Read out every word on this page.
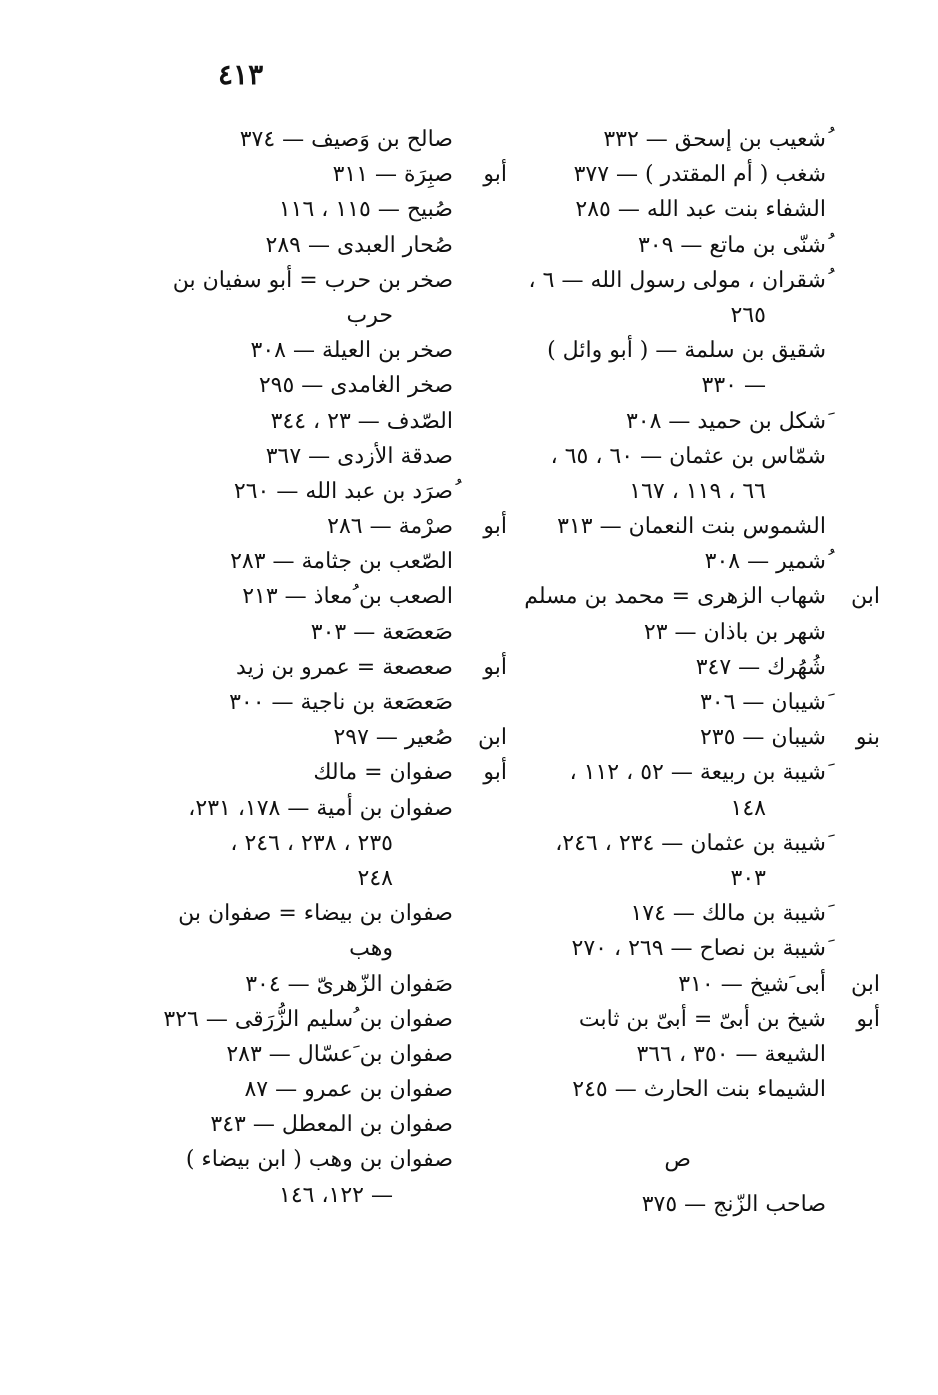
٤١٣
ُشعيب بن إسحق — ٣٣٢
شغب ( أم المقتدر ) — ٣٧٧
الشفاء بنت عبد الله — ٢٨٥
ُشنّى بن ماتع — ٣٠٩
ُشقران ، مولى رسول الله — ٦ ،
٢٦٥
شقيق بن سلمة — ( أبو وائل )
— ٣٣٠
َشكل بن حميد — ٣٠٨
شمّاس بن عثمان — ٦٠ ، ٦٥ ،
٦٦ ، ١١٩ ، ١٦٧
الشموس بنت النعمان — ٣١٣
ُشمير — ٣٠٨
ابن
شهاب الزهرى = محمد بن مسلم
شهر بن باذان — ٢٣
شُهُرك — ٣٤٧
َشيبان — ٣٠٦
بنو
شيبان — ٢٣٥
َشيبة بن ربيعة — ٥٢ ، ١١٢ ،
١٤٨
َشيبة بن عثمان — ٢٣٤ ، ٢٤٦،
٣٠٣
َشيبة بن مالك — ١٧٤
َشيبة بن نصاح — ٢٦٩ ، ٢٧٠
ابن
أبى َشيخ — ٣١٠
أبو
شيخ بن أبىّ = أبىّ بن ثابت
الشيعة — ٣٥٠ ، ٣٦٦
الشيماء بنت الحارث — ٢٤٥
ص
صاحب الزّنج — ٣٧٥
صالح بن وَصيف — ٣٧٤
أبو
صبِرَة — ٣١١
صُبيح — ١١٥ ، ١١٦
صُحار العبدى — ٢٨٩
صخر بن حرب = أبو سفيان بن
حرب
صخر بن العيلة — ٣٠٨
صخر الغامدى — ٢٩٥
الصّدف — ٢٣ ، ٣٤٤
صدقة الأزدى — ٣٦٧
ُصرَد بن عبد الله — ٢٦٠
أبو
صرْمة — ٢٨٦
الصّعب بن جثامة — ٢٨٣
الصعب بن ُمعاذ — ٢١٣
صَعصَعة — ٣٠٣
أبو
صعصعة = عمرو بن زيد
صَعصَعة بن ناجية — ٣٠٠
ابن
صُعير — ٢٩٧
أبو
صفوان = مالك
صفوان بن أمية — ١٧٨، ٢٣١،
٢٣٥ ، ٢٣٨ ، ٢٤٦ ،
٢٤٨
صفوان بن بيضاء = صفوان بن
وهب
صَفوان الزّهرىّ — ٣٠٤
صفوان بن ُسليم الزُّرَقى — ٣٢٦
صفوان بن َعسّال — ٢٨٣
صفوان بن عمرو — ٨٧
صفوان بن المعطل — ٣٤٣
صفوان بن وهب ( ابن بيضاء )
— ١٢٢، ١٤٦
